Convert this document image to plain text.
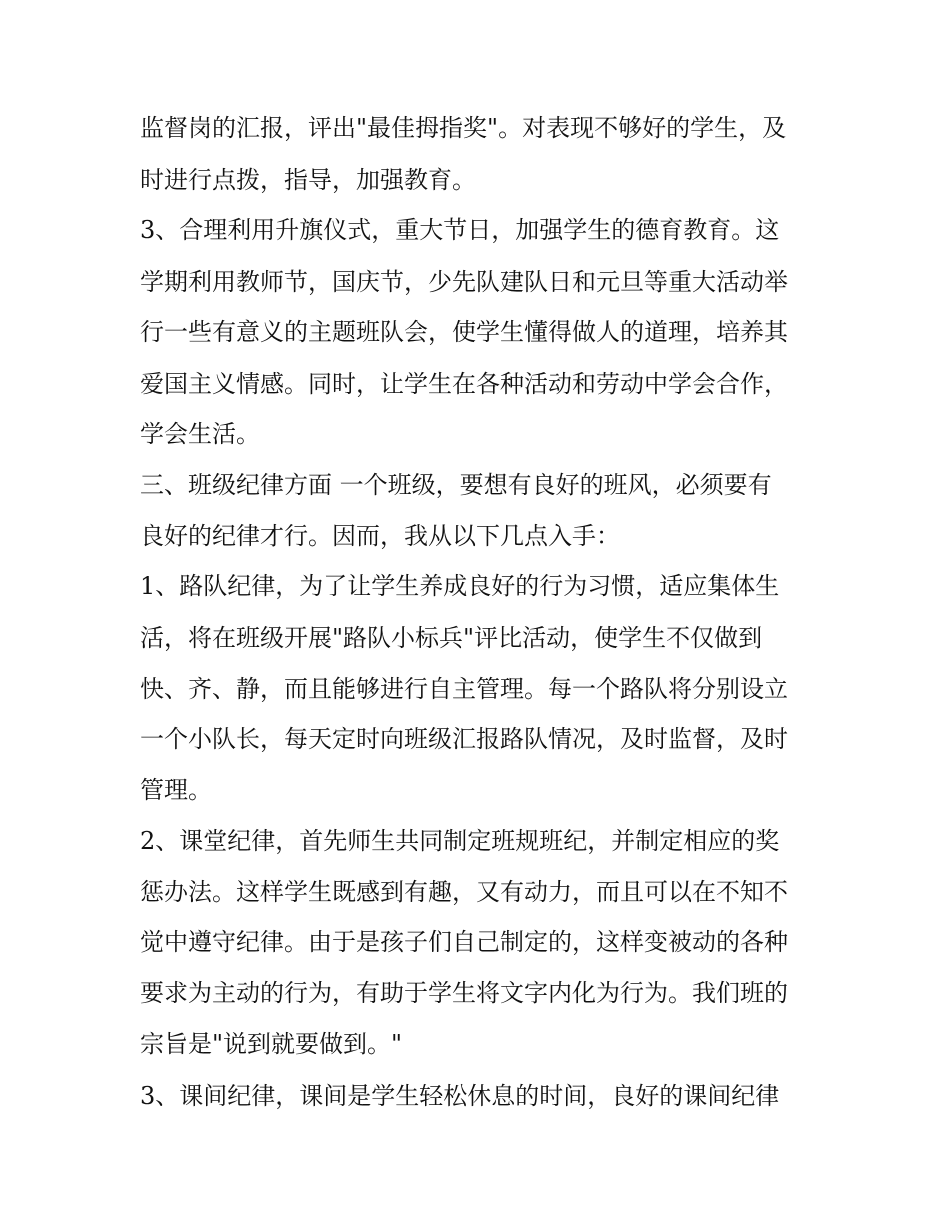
监督岗的汇报，评出"最佳拇指奖"。对表现不够好的学生，及
时进行点拨，指导，加强教育。
3、合理利用升旗仪式，重大节日，加强学生的德育教育。这
学期利用教师节，国庆节，少先队建队日和元旦等重大活动举
行一些有意义的主题班队会，使学生懂得做人的道理，培养其
爱国主义情感。同时，让学生在各种活动和劳动中学会合作，
学会生活。
三、班级纪律方面 一个班级，要想有良好的班风，必须要有
良好的纪律才行。因而，我从以下几点入手：
1、路队纪律，为了让学生养成良好的行为习惯，适应集体生
活，将在班级开展"路队小标兵"评比活动，使学生不仅做到
快、齐、静，而且能够进行自主管理。每一个路队将分别设立
一个小队长，每天定时向班级汇报路队情况，及时监督，及时
管理。
2、课堂纪律，首先师生共同制定班规班纪，并制定相应的奖
惩办法。这样学生既感到有趣，又有动力，而且可以在不知不
觉中遵守纪律。由于是孩子们自己制定的，这样变被动的各种
要求为主动的行为，有助于学生将文字内化为行为。我们班的
宗旨是"说到就要做到。"
3、课间纪律，课间是学生轻松休息的时间，良好的课间纪律
